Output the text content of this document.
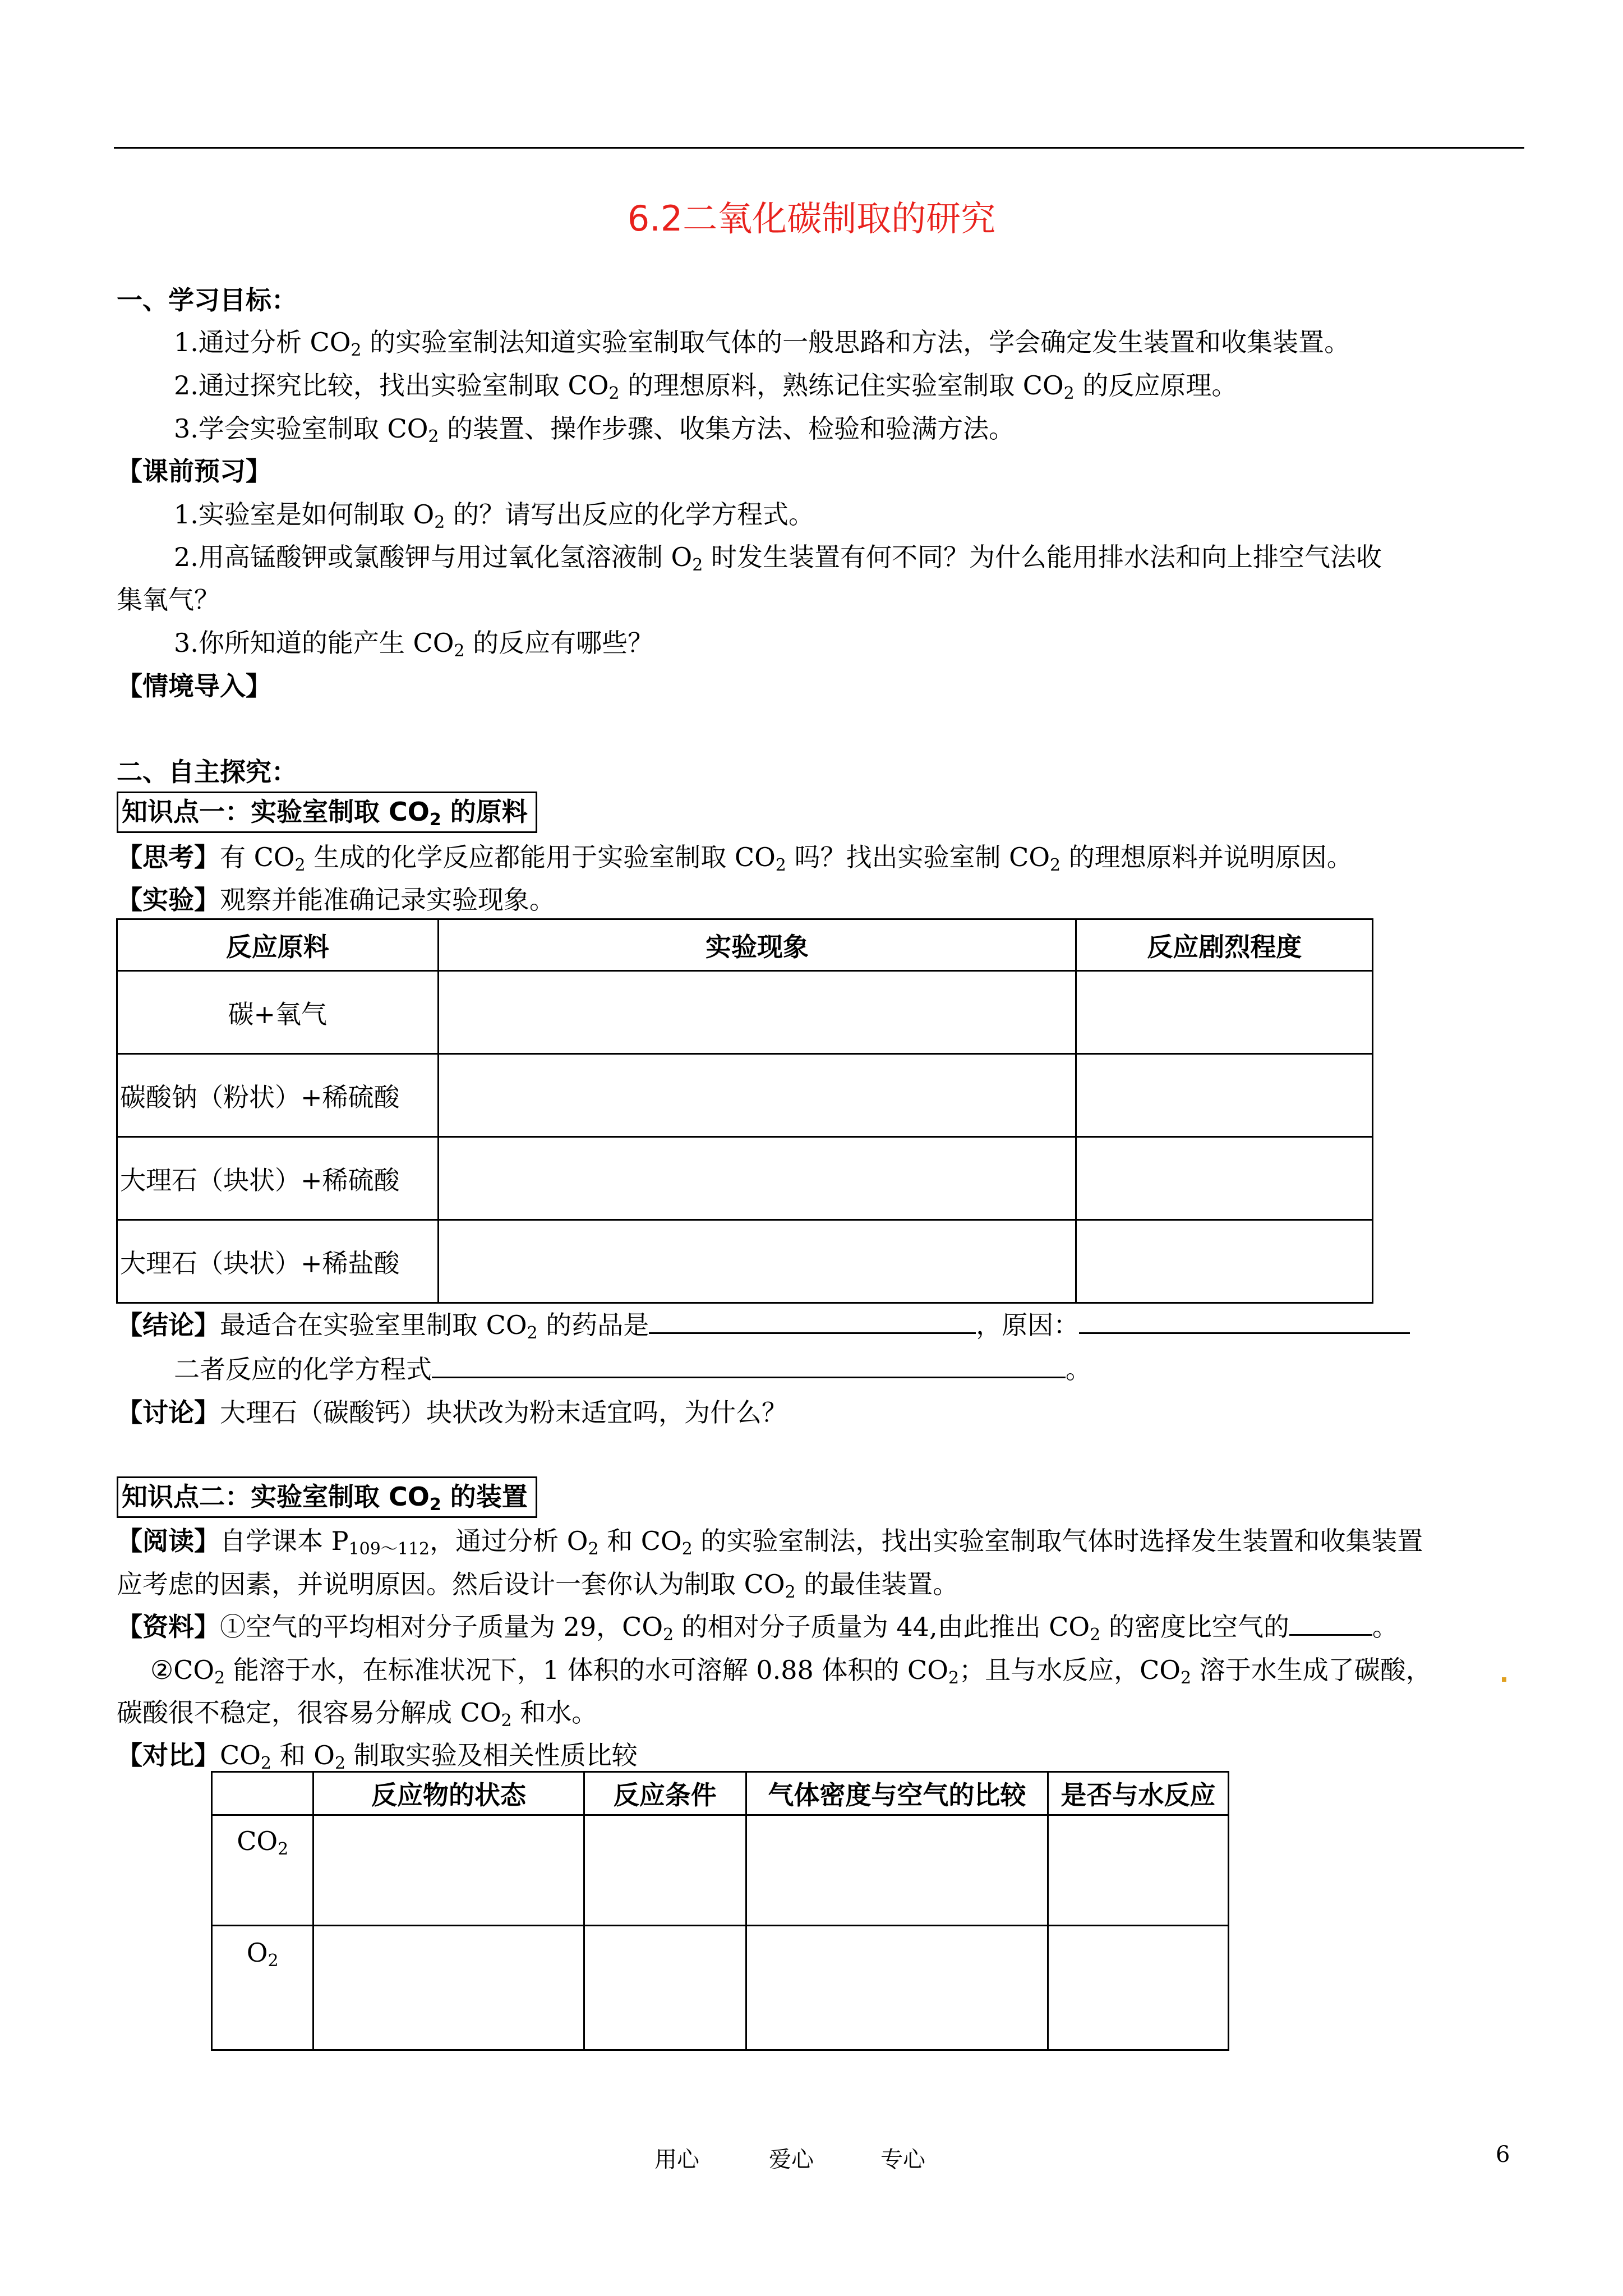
6.2二氧化碳制取的研究
一、学习目标：
1.通过分析 $CO_2$ 的实验室制法知道实验室制取气体的一般思路和方法，学会确定发生装置和收集装置。
2.通过探究比较，找出实验室制取 $CO_2$ 的理想原料，熟练记住实验室制取 $CO_2$ 的反应原理。
3.学会实验室制取 $CO_2$ 的装置、操作步骤、收集方法、检验和验满方法。
【课前预习】
1.实验室是如何制取 $O_2$ 的？请写出反应的化学方程式。
2.用高锰酸钾或氯酸钾与用过氧化氢溶液制 $O_2$ 时发生装置有何不同？为什么能用排水法和向上排空气法收
集氧气？
3.你所知道的能产生 $CO_2$ 的反应有哪些？
【情境导入】
二、自主探究：
知识点一：实验室制取 $CO_2$ 的原料
【思考】有 $CO_2$ 生成的化学反应都能用于实验室制取 $CO_2$ 吗？找出实验室制 $CO_2$ 的理想原料并说明原因。
【实验】观察并能准确记录实验现象。
反应原料	实验现象	反应剧烈程度
碳+氧气		
碳酸钠（粉状）+稀硫酸		
大理石（块状）+稀硫酸		
大理石（块状）+稀盐酸		
【结论】最适合在实验室里制取 $CO_2$ 的药品是	，原因：
二者反应的化学方程式	。
【讨论】大理石（碳酸钙）块状改为粉末适宜吗，为什么？
知识点二：实验室制取 $CO_2$ 的装置
【阅读】自学课本 $P_{109\sim 112}$，通过分析 $O_2$ 和 $CO_2$ 的实验室制法，找出实验室制取气体时选择发生装置和收集装置
应考虑的因素，并说明原因。然后设计一套你认为制取 $CO_2$ 的最佳装置。
【资料】①空气的平均相对分子质量为 29，$CO_2$ 的相对分子质量为 44,由此推出 $CO_2$ 的密度比空气的	。
$②CO_2$ 能溶于水，在标准状况下，1 体积的水可溶解 0.88 体积的 $CO_2$；且与水反应，$CO_2$ 溶于水生成了碳酸，
碳酸很不稳定，很容易分解成 $CO_2$ 和水。
【对比】$CO_2$ 和 $O_2$ 制取实验及相关性质比较
	反应物的状态	反应条件	气体密度与空气的比较	是否与水反应
$CO_2$				
$O_2$				
用心	爱心	专心	6
